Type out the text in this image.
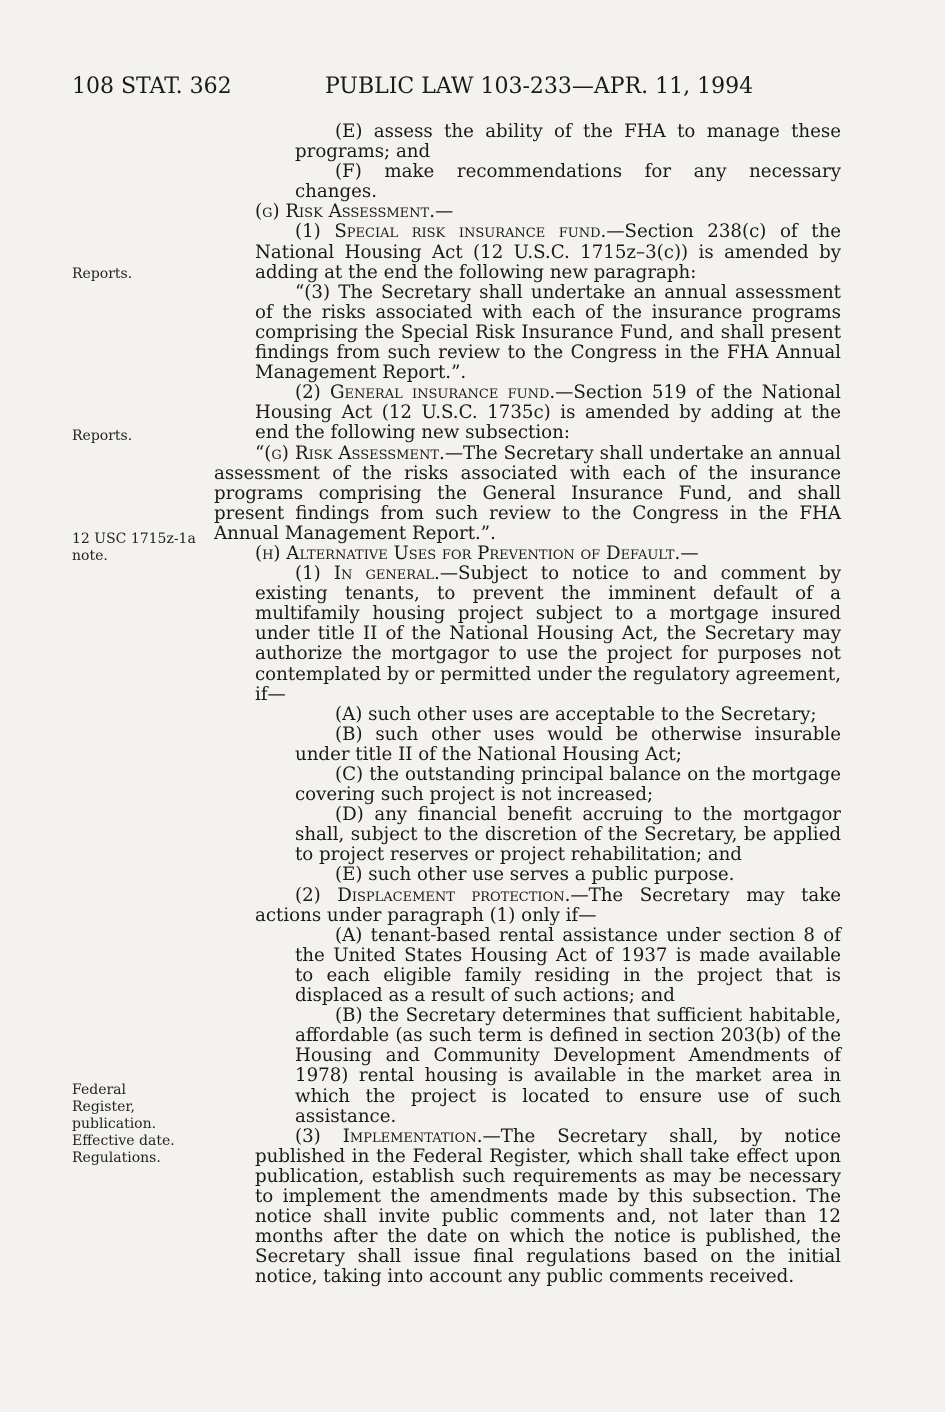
108 STAT. 362	PUBLIC LAW 103-233—APR. 11, 1994
Reports.
Reports.
12 USC 1715z-1a
note.
Federal
Register,
publication.
Effective date.
Regulations.

(E) assess the ability of the FHA to manage these programs; and

(F) make recommendations for any necessary changes.

(g) Risk Assessment.—

(1) Special risk insurance fund.—Section 238(c) of the National Housing Act (12 U.S.C. 1715z–3(c)) is amended by adding at the end the following new paragraph:

“(3) The Secretary shall undertake an annual assessment of the risks associated with each of the insurance programs comprising the Special Risk Insurance Fund, and shall present findings from such review to the Congress in the FHA Annual Management Report.”.

(2) General insurance fund.—Section 519 of the National Housing Act (12 U.S.C. 1735c) is amended by adding at the end the following new subsection:

“(g) Risk Assessment.—The Secretary shall undertake an annual assessment of the risks associated with each of the insurance programs comprising the General Insurance Fund, and shall present findings from such review to the Congress in the FHA Annual Management Report.”.

(h) Alternative Uses for Prevention of Default.—

(1) In general.—Subject to notice to and comment by existing tenants, to prevent the imminent default of a multifamily housing project subject to a mortgage insured under title II of the National Housing Act, the Secretary may authorize the mortgagor to use the project for purposes not contemplated by or permitted under the regulatory agreement, if—

(A) such other uses are acceptable to the Secretary;

(B) such other uses would be otherwise insurable under title II of the National Housing Act;

(C) the outstanding principal balance on the mortgage covering such project is not increased;

(D) any financial benefit accruing to the mortgagor shall, subject to the discretion of the Secretary, be applied to project reserves or project rehabilitation; and

(E) such other use serves a public purpose.

(2) Displacement protection.—The Secretary may take actions under paragraph (1) only if—

(A) tenant-based rental assistance under section 8 of the United States Housing Act of 1937 is made available to each eligible family residing in the project that is displaced as a result of such actions; and

(B) the Secretary determines that sufficient habitable, affordable (as such term is defined in section 203(b) of the Housing and Community Development Amendments of 1978) rental housing is available in the market area in which the project is located to ensure use of such assistance.

(3) Implementation.—The Secretary shall, by notice published in the Federal Register, which shall take effect upon publication, establish such requirements as may be necessary to implement the amendments made by this subsection. The notice shall invite public comments and, not later than 12 months after the date on which the notice is published, the Secretary shall issue final regulations based on the initial notice, taking into account any public comments received.
